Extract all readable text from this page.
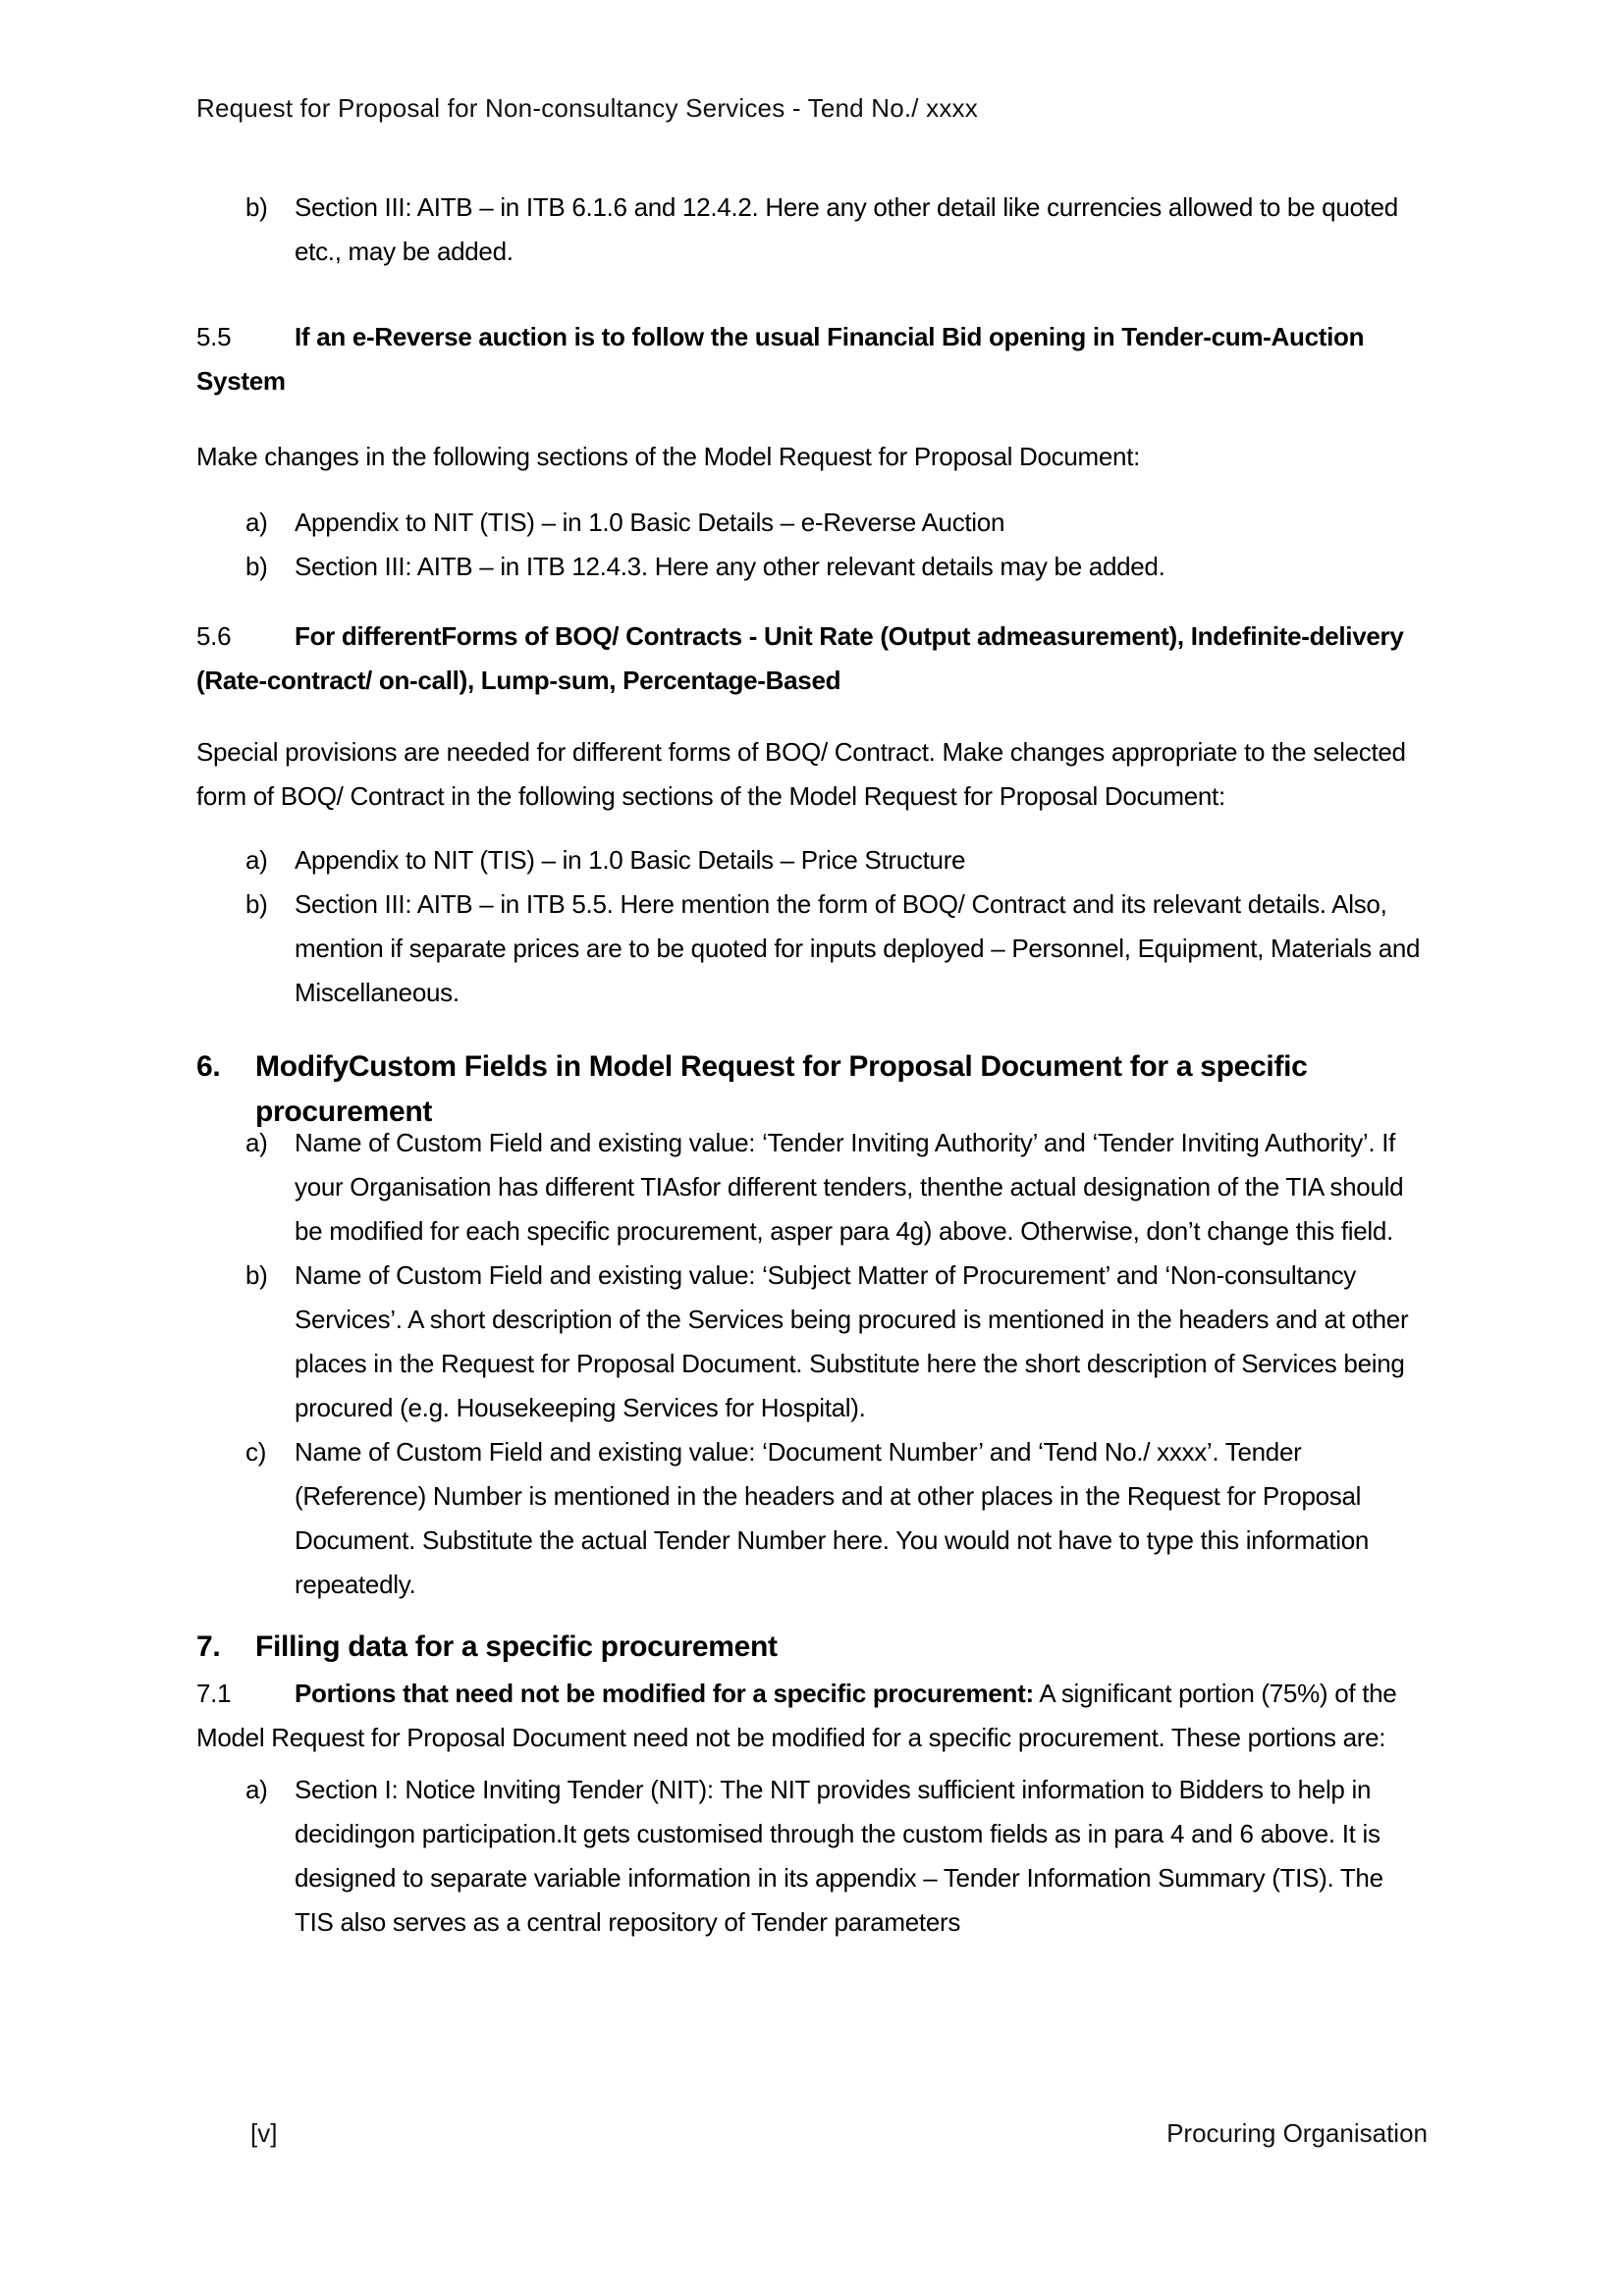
Request for Proposal for Non-consultancy Services - Tend No./ xxxx
b) Section III: AITB – in ITB 6.1.6 and 12.4.2. Here any other detail like currencies allowed to be quoted etc., may be added.
5.5 If an e-Reverse auction is to follow the usual Financial Bid opening in Tender-cum-Auction System
Make changes in the following sections of the Model Request for Proposal Document:
a) Appendix to NIT (TIS) – in 1.0 Basic Details – e-Reverse Auction
b) Section III: AITB – in ITB 12.4.3. Here any other relevant details may be added.
5.6 For differentForms of BOQ/ Contracts - Unit Rate (Output admeasurement), Indefinite-delivery (Rate-contract/ on-call), Lump-sum, Percentage-Based
Special provisions are needed for different forms of BOQ/ Contract. Make changes appropriate to the selected form of BOQ/ Contract in the following sections of the Model Request for Proposal Document:
a) Appendix to NIT (TIS) – in 1.0 Basic Details – Price Structure
b) Section III: AITB – in ITB 5.5. Here mention the form of BOQ/ Contract and its relevant details. Also, mention if separate prices are to be quoted for inputs deployed – Personnel, Equipment, Materials and Miscellaneous.
6. ModifyCustom Fields in Model Request for Proposal Document for a specific procurement
a) Name of Custom Field and existing value: ‘Tender Inviting Authority’ and ‘Tender Inviting Authority’. If your Organisation has different TIAsfor different tenders, thenthe actual designation of the TIA should be modified for each specific procurement, asper para 4g) above. Otherwise, don’t change this field.
b) Name of Custom Field and existing value: ‘Subject Matter of Procurement’ and ‘Non-consultancy Services’. A short description of the Services being procured is mentioned in the headers and at other places in the Request for Proposal Document. Substitute here the short description of Services being procured (e.g. Housekeeping Services for Hospital).
c) Name of Custom Field and existing value: ‘Document Number’ and ‘Tend No./ xxxx’. Tender (Reference) Number is mentioned in the headers and at other places in the Request for Proposal Document. Substitute the actual Tender Number here. You would not have to type this information repeatedly.
7. Filling data for a specific procurement
7.1 Portions that need not be modified for a specific procurement: A significant portion (75%) of the Model Request for Proposal Document need not be modified for a specific procurement. These portions are:
a) Section I: Notice Inviting Tender (NIT): The NIT provides sufficient information to Bidders to help in decidingon participation.It gets customised through the custom fields as in para 4 and 6 above. It is designed to separate variable information in its appendix – Tender Information Summary (TIS). The TIS also serves as a central repository of Tender parameters
[v]	Procuring Organisation
